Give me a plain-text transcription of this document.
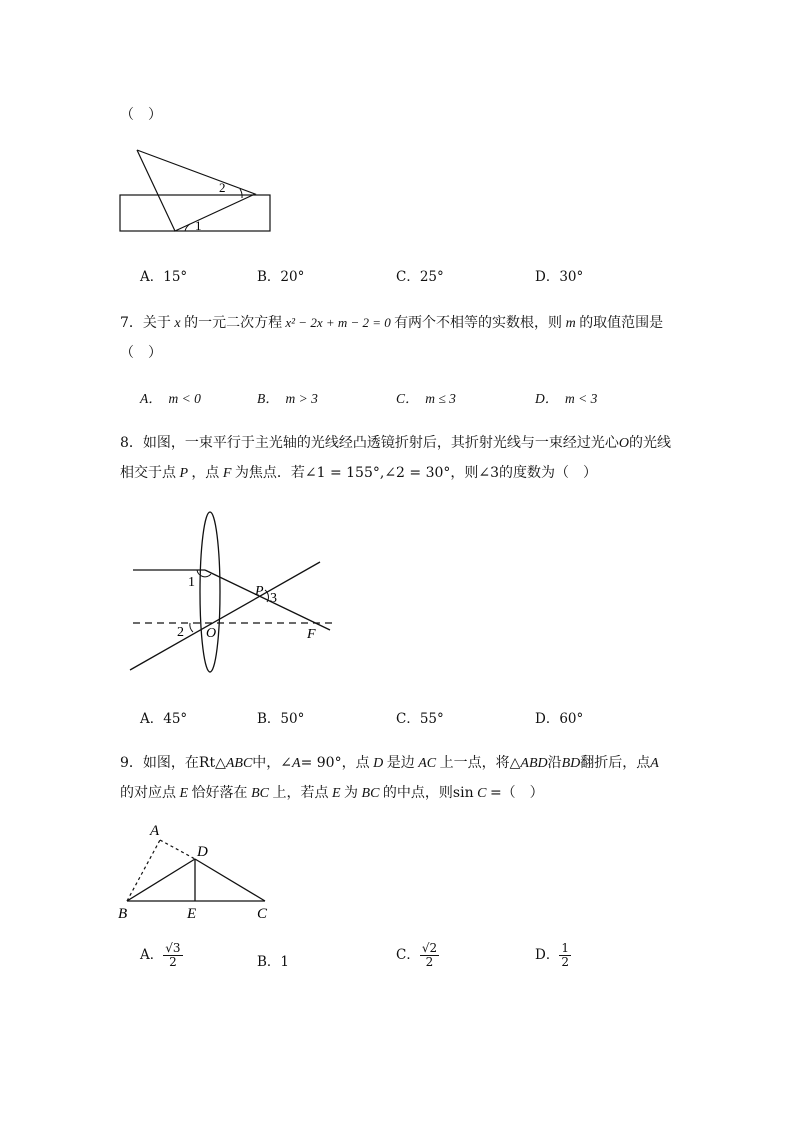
（　）
2
1
A．15°	B．20°	C．25°	D．30°
7．关于 x 的一元二次方程 x² − 2x + m − 2 = 0 有两个不相等的实数根，则 m 的取值范围是
（　）
A．　m < 0	B．　m > 3	C．　m ≤ 3	D．　m < 3
8．如图，一束平行于主光轴的光线经凸透镜折射后，其折射光线与一束经过光心O的光线
相交于点 P ，点 F 为焦点．若∠1 = 155°,∠2 = 30°，则∠3的度数为（　）
1
2
3
P
O	F
A．45°	B．50°	C．55°	D．60°
9．如图，在Rt△ABC中，∠A= 90°，点 D 是边 AC 上一点，将△ABD沿BD翻折后，点A
的对应点 E 恰好落在 BC 上，若点 E 为 BC 的中点，则sin C =（　）
A
D
B	E	C
A． $\frac{√3}{2}$	B．1	C． $\frac{√2}{2}$	D． $\frac{1}{2}$
